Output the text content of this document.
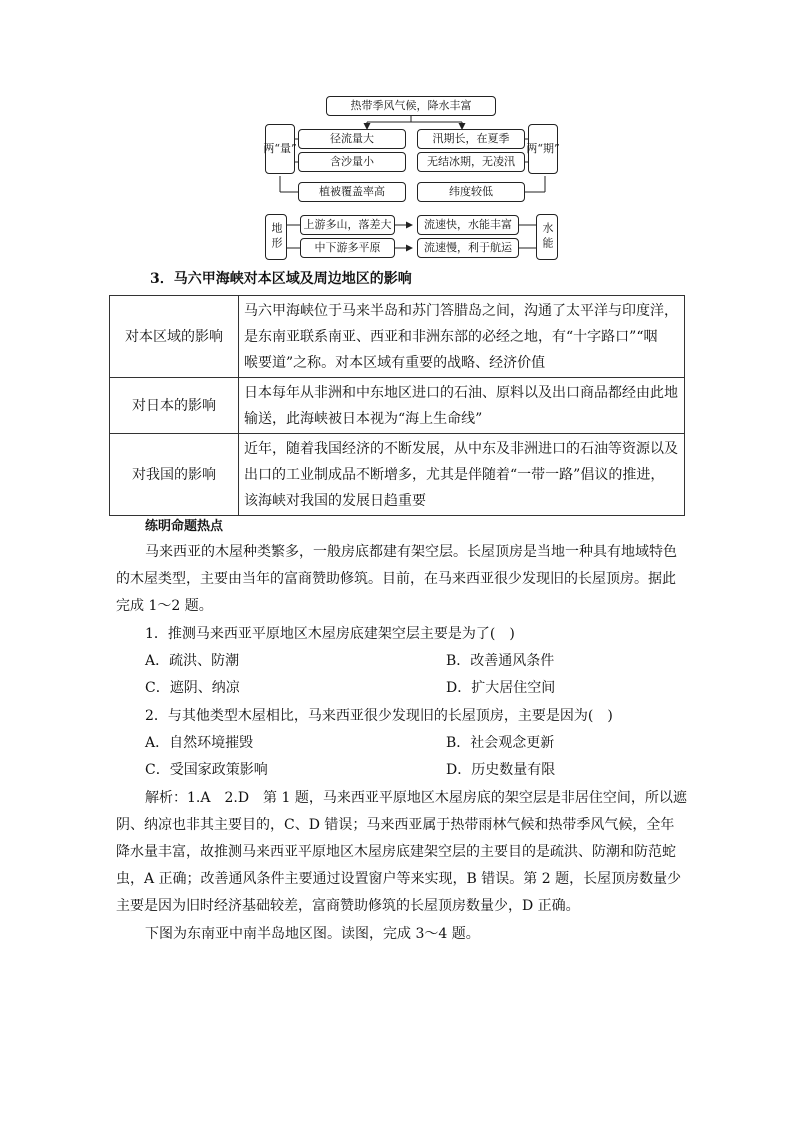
热带季风气候，降水丰富
两“量”
径流量大
含沙量小
植被覆盖率高
汛期长，在夏季
无结冰期，无凌汛
纬度较低
两“期”
地形	上游多山，落差大
中下游多平原
流速快，水能丰富
流速慢，利于航运	水能
3．马六甲海峡对本区域及周边地区的影响
对本区域的影响	马六甲海峡位于马来半岛和苏门答腊岛之间，沟通了太平洋与印度洋，
是东南亚联系南亚、西亚和非洲东部的必经之地，有“十字路口”“咽
喉要道”之称。对本区域有重要的战略、经济价值

对日本的影响	日本每年从非洲和中东地区进口的石油、原料以及出口商品都经由此地
输送，此海峡被日本视为“海上生命线”

对我国的影响	近年，随着我国经济的不断发展，从中东及非洲进口的石油等资源以及
出口的工业制成品不断增多，尤其是伴随着“一带一路”倡议的推进，
该海峡对我国的发展日趋重要
练明命题热点
马来西亚的木屋种类繁多，一般房底都建有架空层。长屋顶房是当地一种具有地域特色
的木屋类型，主要由当年的富商赞助修筑。目前，在马来西亚很少发现旧的长屋顶房。据此
完成 1～2 题。
1．推测马来西亚平原地区木屋房底建架空层主要是为了(　)
A．疏洪、防潮	B．改善通风条件
C．遮阴、纳凉	D．扩大居住空间
2．与其他类型木屋相比，马来西亚很少发现旧的长屋顶房，主要是因为(　)
A．自然环境摧毁	B．社会观念更新
C．受国家政策影响	D．历史数量有限
解析：1.A　2.D　第 1 题，马来西亚平原地区木屋房底的架空层是非居住空间，所以遮
阴、纳凉也非其主要目的，C、D 错误；马来西亚属于热带雨林气候和热带季风气候，全年
降水量丰富，故推测马来西亚平原地区木屋房底建架空层的主要目的是疏洪、防潮和防范蛇
虫，A 正确；改善通风条件主要通过设置窗户等来实现，B 错误。第 2 题，长屋顶房数量少
主要是因为旧时经济基础较差，富商赞助修筑的长屋顶房数量少，D 正确。
下图为东南亚中南半岛地区图。读图，完成 3～4 题。
